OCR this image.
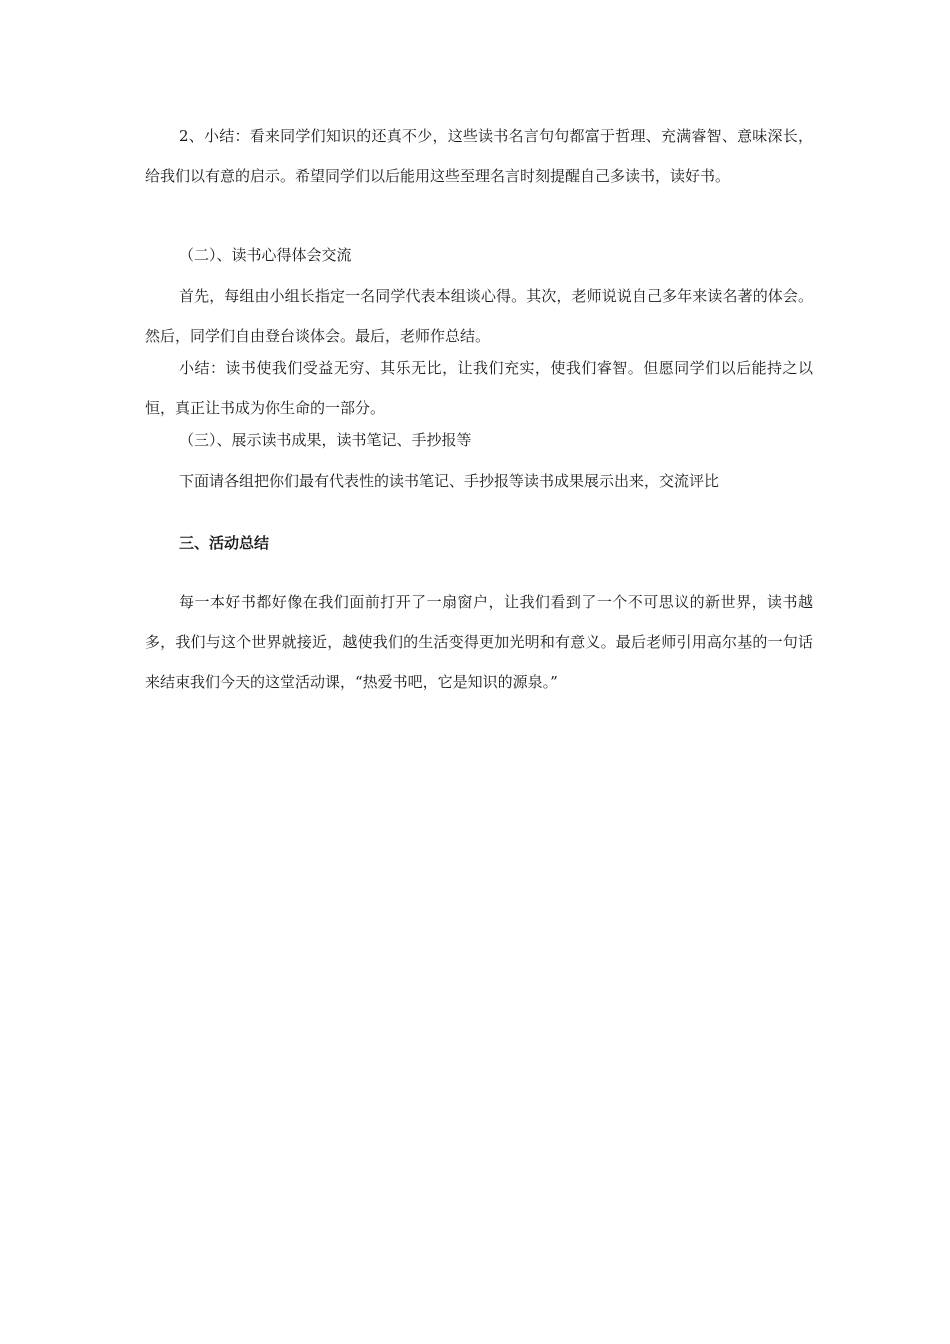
2、小结：看来同学们知识的还真不少，这些读书名言句句都富于哲理、充满睿智、意味深长，给我们以有意的启示。希望同学们以后能用这些至理名言时刻提醒自己多读书，读好书。

（二）、读书心得体会交流

首先，每组由小组长指定一名同学代表本组谈心得。其次，老师说说自己多年来读名著的体会。然后，同学们自由登台谈体会。最后，老师作总结。

小结：读书使我们受益无穷、其乐无比，让我们充实，使我们睿智。但愿同学们以后能持之以恒，真正让书成为你生命的一部分。

（三）、展示读书成果，读书笔记、手抄报等

下面请各组把你们最有代表性的读书笔记、手抄报等读书成果展示出来，交流评比

三、活动总结

每一本好书都好像在我们面前打开了一扇窗户，让我们看到了一个不可思议的新世界，读书越多，我们与这个世界就接近，越使我们的生活变得更加光明和有意义。最后老师引用高尔基的一句话来结束我们今天的这堂活动课，“热爱书吧，它是知识的源泉。”
